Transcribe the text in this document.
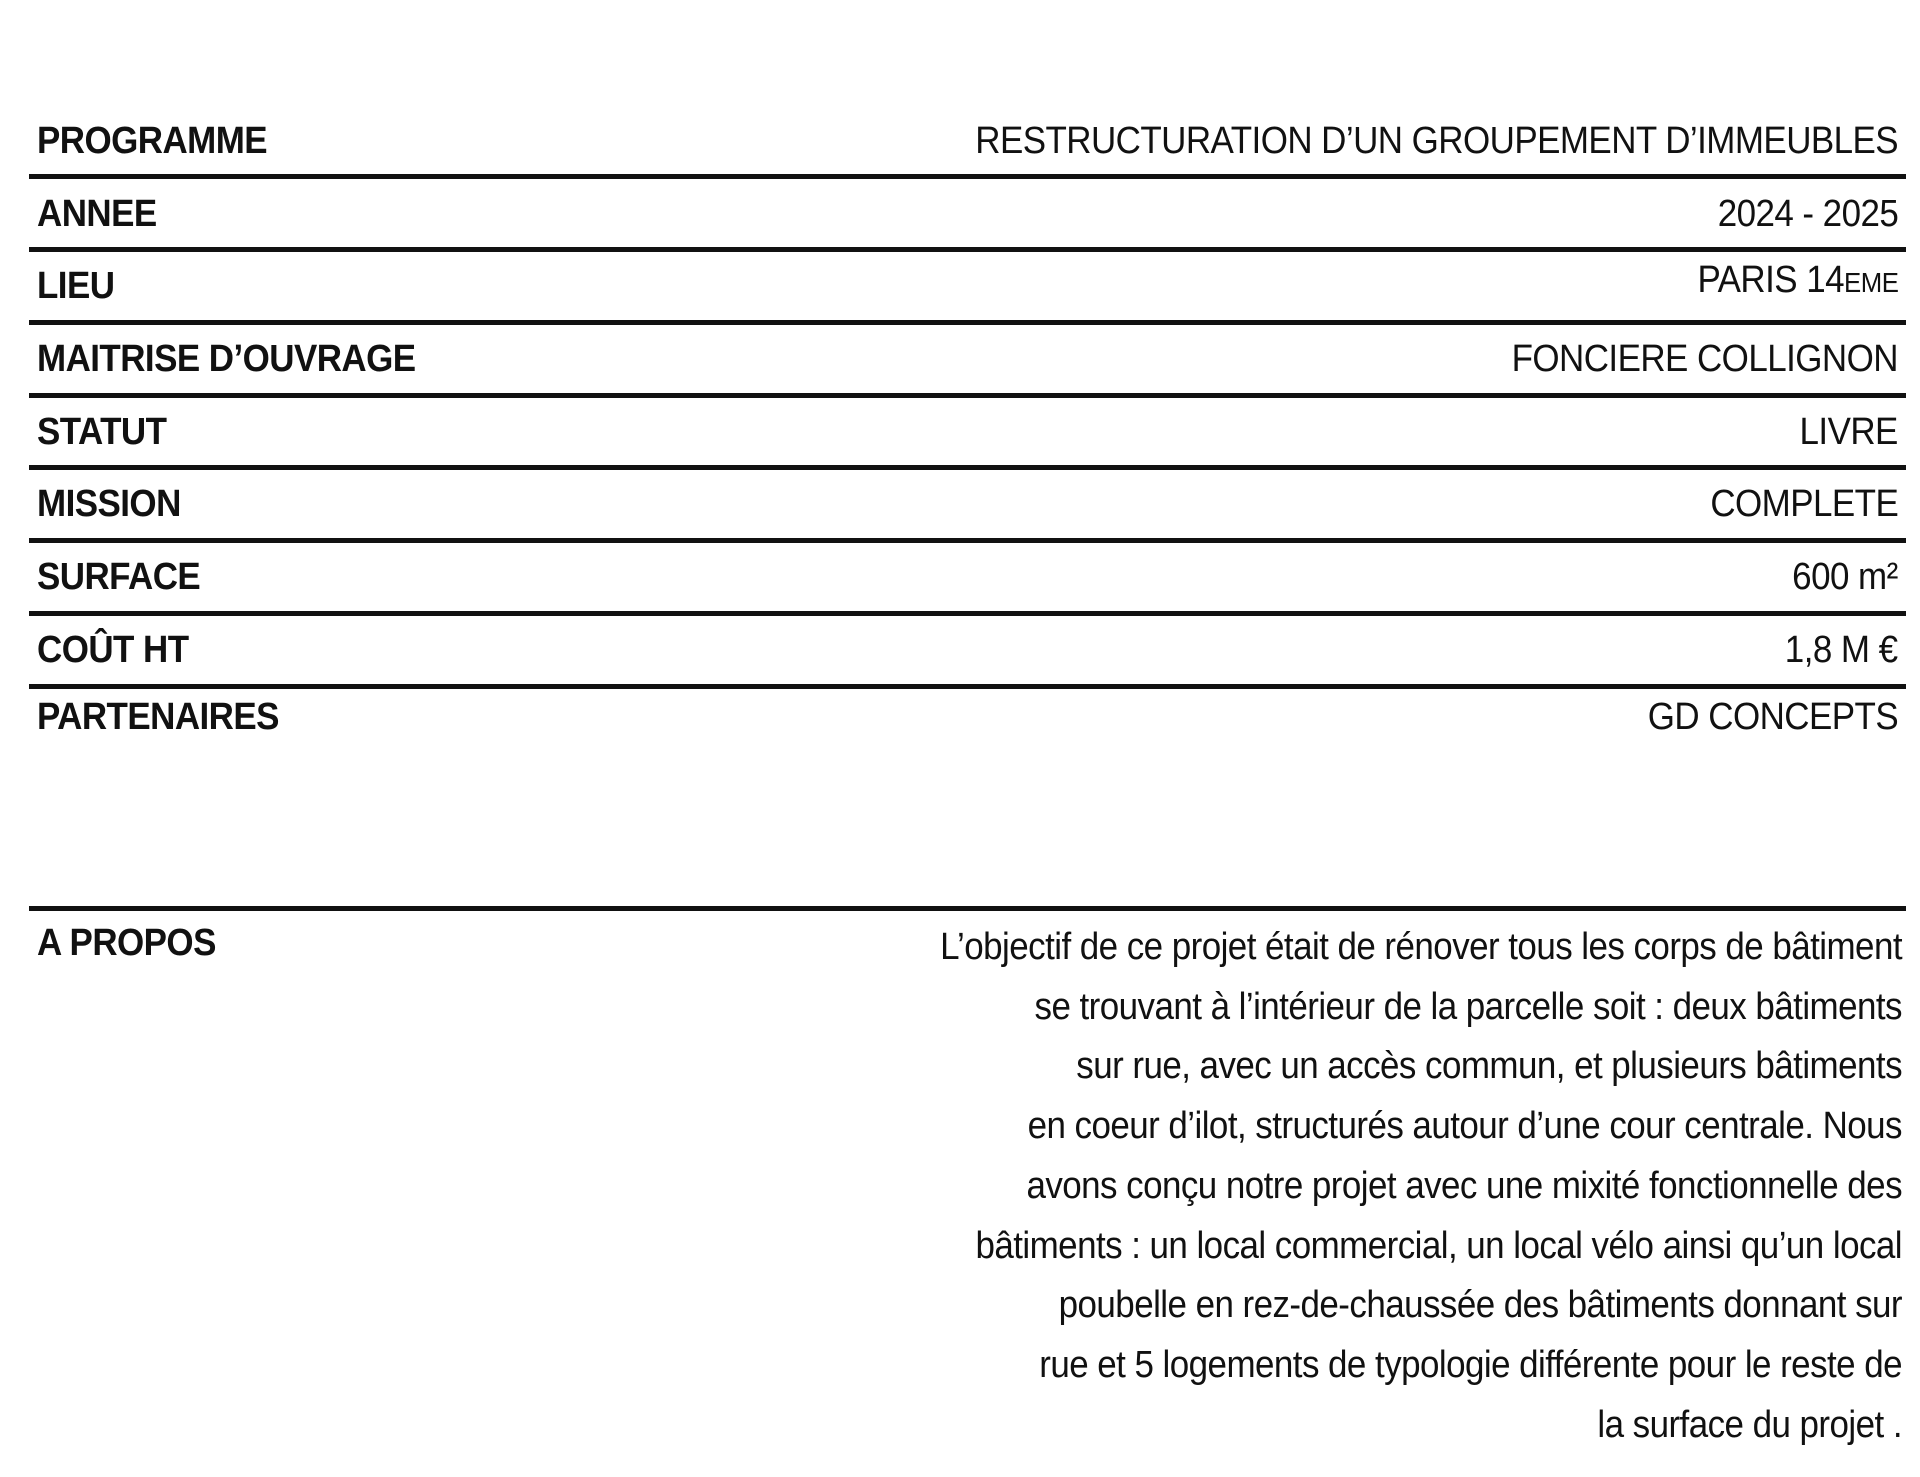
PROGRAMME	RESTRUCTURATION D’UN GROUPEMENT D’IMMEUBLES
ANNEE	2024 - 2025
LIEU	PARIS 14EME
MAITRISE D’OUVRAGE	FONCIERE COLLIGNON
STATUT	LIVRE
MISSION	COMPLETE
SURFACE	600 m²
COÛT HT	1,8 M €
PARTENAIRES	GD CONCEPTS
A PROPOS	L’objectif de ce projet était de rénover tous les corps de bâtiment
se trouvant à l’intérieur de la parcelle soit : deux bâtiments
sur rue, avec un accès commun, et plusieurs bâtiments
en coeur d’ilot, structurés autour d’une cour centrale. Nous
avons conçu notre projet avec une mixité fonctionnelle des
bâtiments : un local commercial, un local vélo ainsi qu’un local
poubelle en rez-de-chaussée des bâtiments donnant sur
rue et 5 logements de typologie différente pour le reste de
la surface du projet .
